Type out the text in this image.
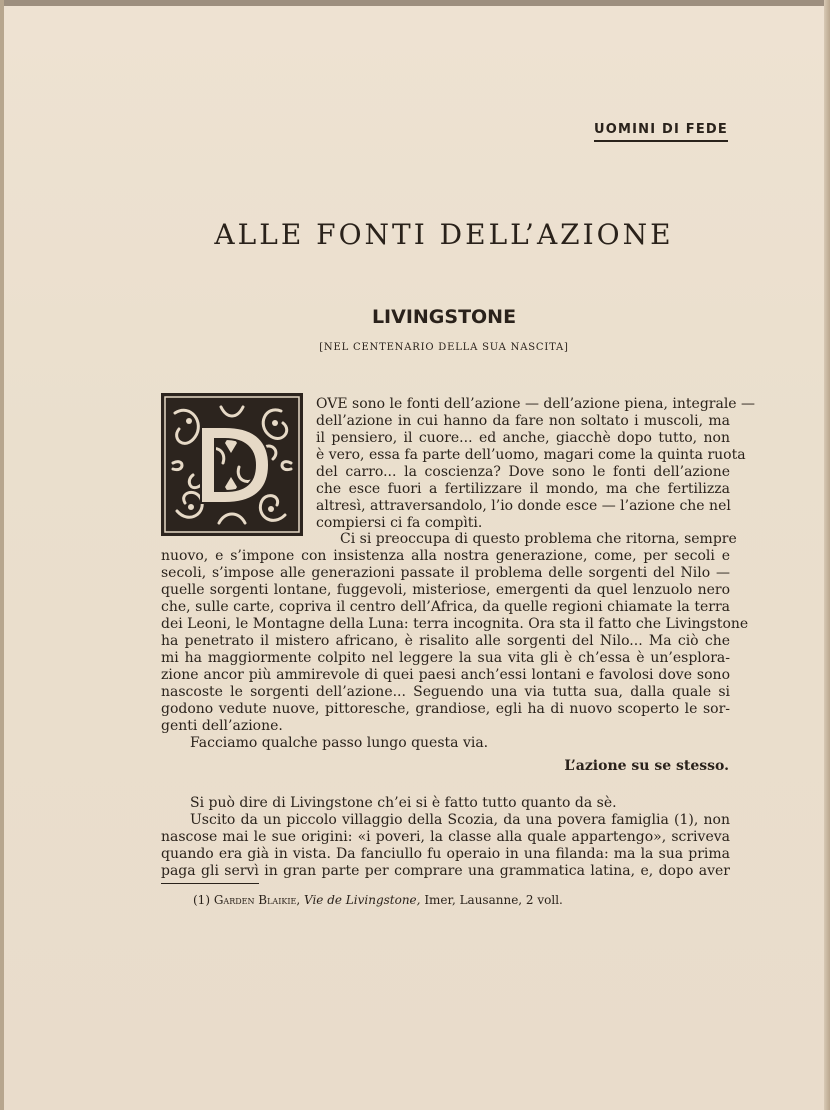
UOMINI DI FEDE
ALLE FONTI DELL’AZIONE
LIVINGSTONE
[NEL CENTENARIO DELLA SUA NASCITA]
OVE sono le fonti dell’azione — dell’azione piena, integrale —
dell’azione in cui hanno da fare non soltato i muscoli, ma
il pensiero, il cuore... ed anche, giacchè dopo tutto, non
è vero, essa fa parte dell’uomo, magari come la quinta ruota
del carro... la coscienza? Dove sono le fonti dell’azione
che esce fuori a fertilizzare il mondo, ma che fertilizza
altresì, attraversandolo, l’io donde esce — l’azione che nel
compiersi ci fa compìti.
Ci si preoccupa di questo problema che ritorna, sempre
nuovo, e s’impone con insistenza alla nostra generazione, come, per secoli e
secoli, s’impose alle generazioni passate il problema delle sorgenti del Nilo —
quelle sorgenti lontane, fuggevoli, misteriose, emergenti da quel lenzuolo nero
che, sulle carte, copriva il centro dell’Africa, da quelle regioni chiamate la terra
dei Leoni, le Montagne della Luna: terra incognita. Ora sta il fatto che Livingstone
ha penetrato il mistero africano, è risalito alle sorgenti del Nilo... Ma ciò che
mi ha maggiormente colpito nel leggere la sua vita gli è ch’essa è un’esplora-
zione ancor più ammirevole di quei paesi anch’essi lontani e favolosi dove sono
nascoste le sorgenti dell’azione... Seguendo una via tutta sua, dalla quale si
godono vedute nuove, pittoresche, grandiose, egli ha di nuovo scoperto le sor-
genti dell’azione.
Facciamo qualche passo lungo questa via.
L’azione su se stesso.
Si può dire di Livingstone ch’ei si è fatto tutto quanto da sè.
Uscito da un piccolo villaggio della Scozia, da una povera famiglia (1), non
nascose mai le sue origini: «i poveri, la classe alla quale appartengo», scriveva
quando era già in vista. Da fanciullo fu operaio in una filanda: ma la sua prima
paga gli servì in gran parte per comprare una grammatica latina, e, dopo aver
(1) Garden Blaikie, Vie de Livingstone, Imer, Lausanne, 2 voll.
